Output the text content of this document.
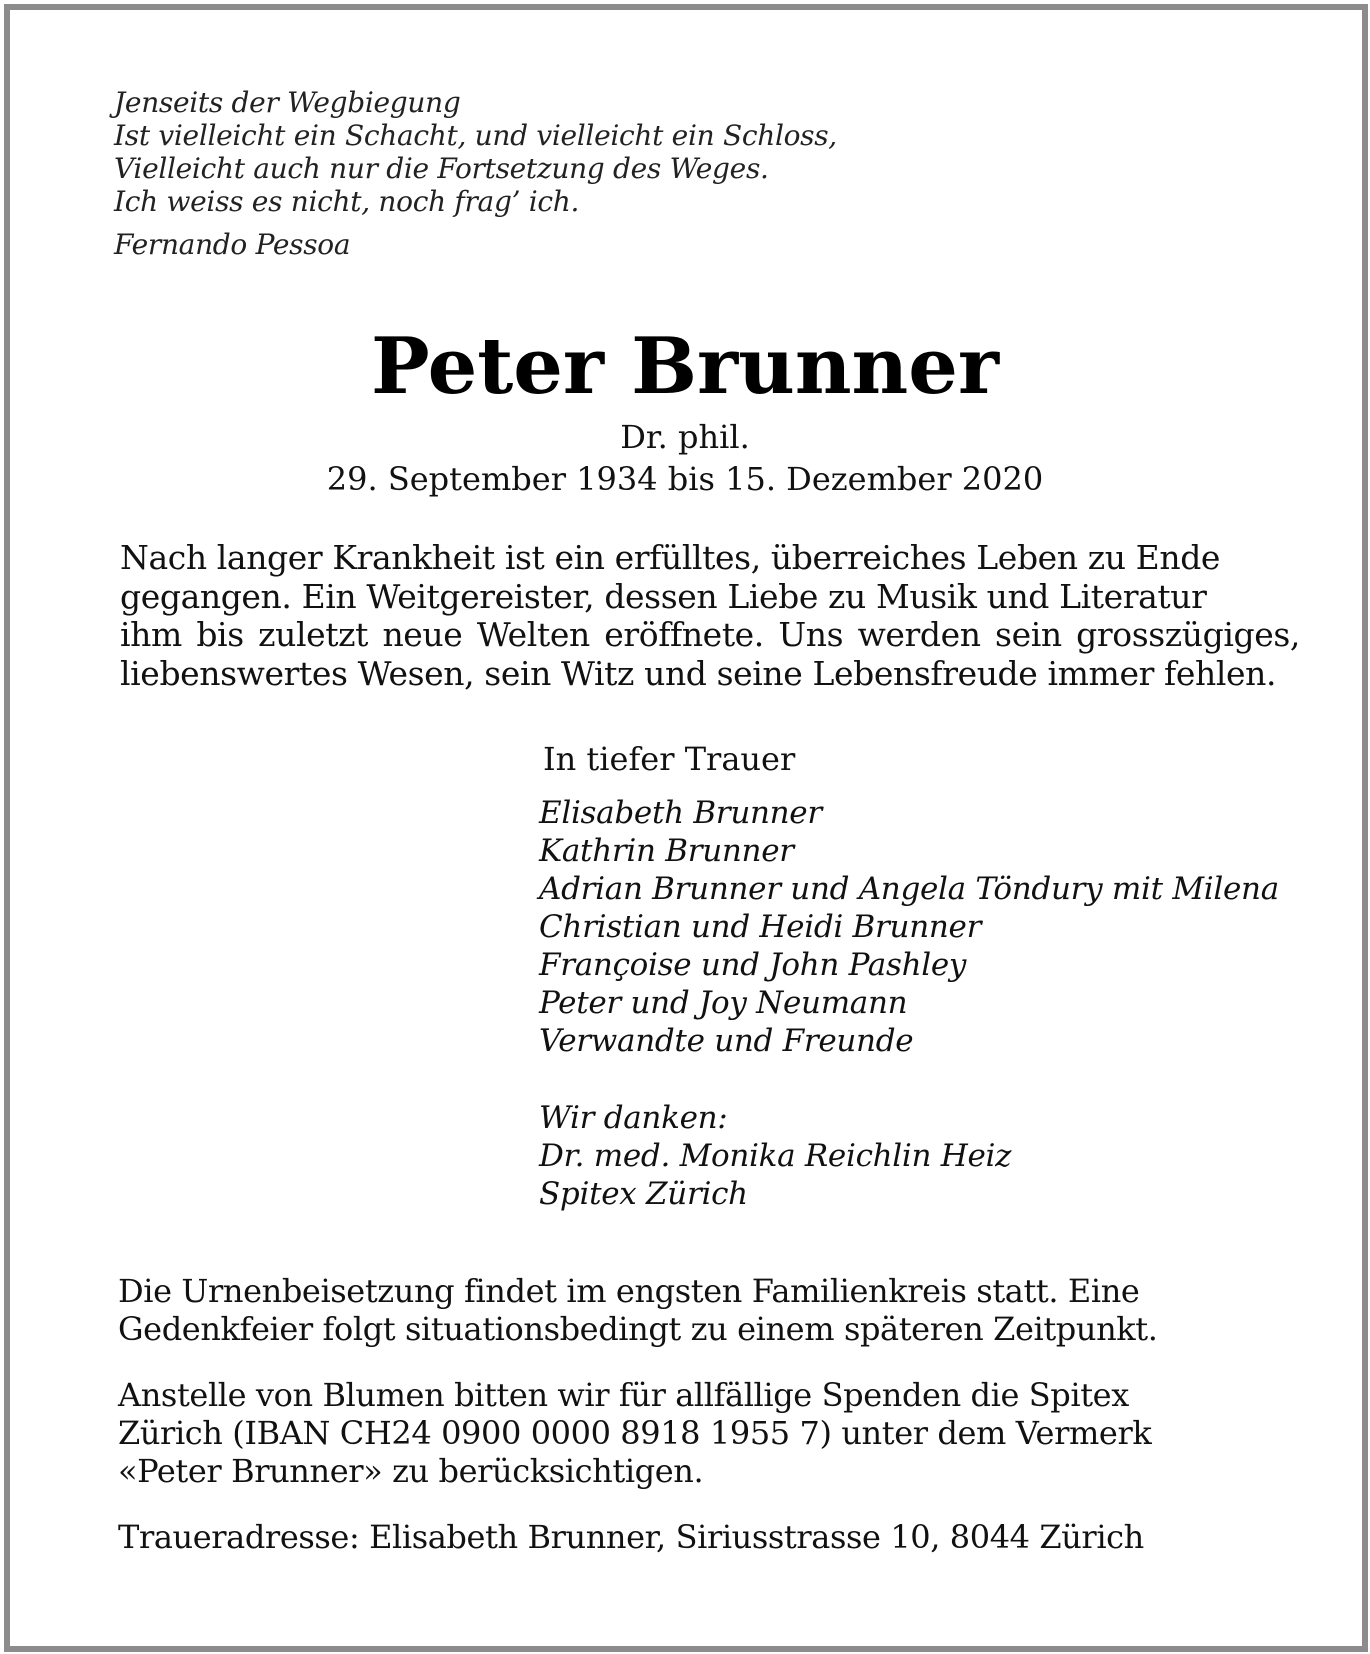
Jenseits der Wegbiegung
Ist vielleicht ein Schacht, und vielleicht ein Schloss,
Vielleicht auch nur die Fortsetzung des Weges.
Ich weiss es nicht, noch frag’ ich.
Fernando Pessoa
Peter Brunner
Dr. phil.
29. September 1934 bis 15. Dezember 2020
Nach langer Krankheit ist ein erfülltes, überreiches Leben zu Ende
gegangen. Ein Weitgereister, dessen Liebe zu Musik und Literatur
ihm bis zuletzt neue Welten eröffnete. Uns werden sein grosszügiges,
liebenswertes Wesen, sein Witz und seine Lebensfreude immer fehlen.
In tiefer Trauer
Elisabeth Brunner
Kathrin Brunner
Adrian Brunner und Angela Töndury mit Milena
Christian und Heidi Brunner
Françoise und John Pashley
Peter und Joy Neumann
Verwandte und Freunde
Wir danken:
Dr. med. Monika Reichlin Heiz
Spitex Zürich
Die Urnenbeisetzung findet im engsten Familienkreis statt. Eine
Gedenkfeier folgt situationsbedingt zu einem späteren Zeitpunkt.
Anstelle von Blumen bitten wir für allfällige Spenden die Spitex
Zürich (IBAN CH24 0900 0000 8918 1955 7) unter dem Vermerk
«Peter Brunner» zu berücksichtigen.
Traueradresse: Elisabeth Brunner, Siriusstrasse 10, 8044 Zürich
